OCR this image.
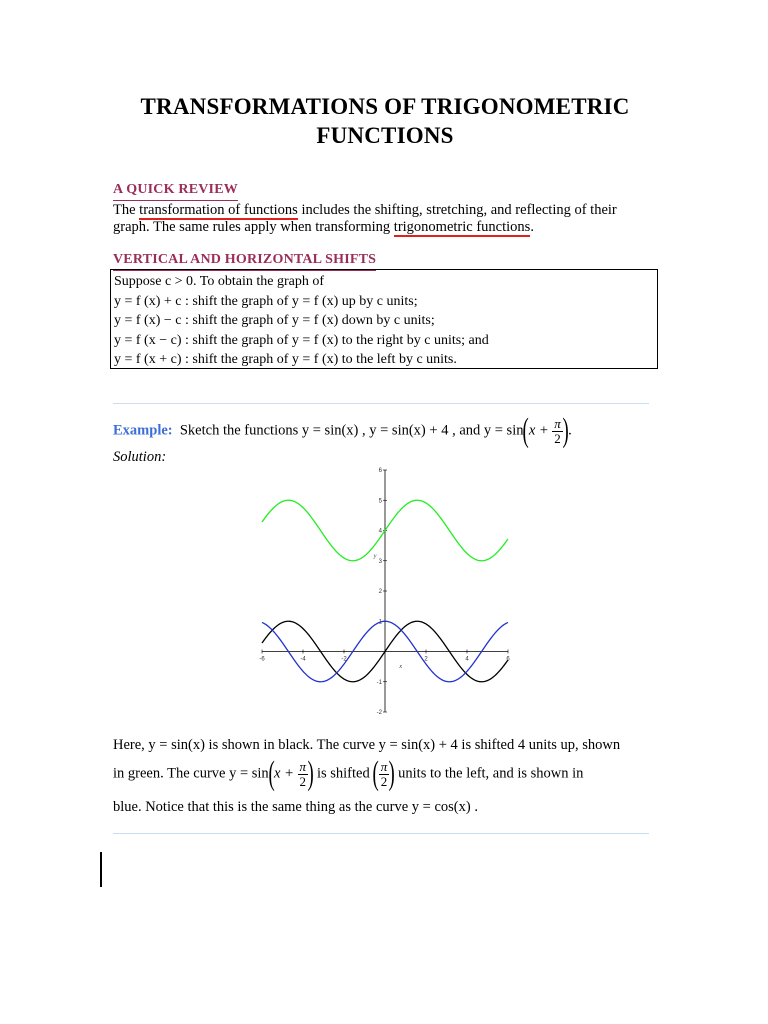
TRANSFORMATIONS OF TRIGONOMETRIC
FUNCTIONS
A QUICK REVIEW
The transformation of functions includes the shifting, stretching, and reflecting of their graph. The same rules apply when transforming trigonometric functions.
VERTICAL AND HORIZONTAL SHIFTS
Suppose c > 0. To obtain the graph of
y = f (x) + c : shift the graph of y = f (x) up by c units;
y = f (x) − c : shift the graph of y = f (x) down by c units;
y = f (x − c) : shift the graph of y = f (x) to the right by c units; and
y = f (x + c) : shift the graph of y = f (x) to the left by c units.
Example: Sketch the functions y = sin(x) , y = sin(x) + 4 , and $y = \sin(x + \frac{\pi}{2}$ ).
Solution:
-6	-4	-2	2	4	6
-2
-1
1
2
3
4
5
6
x
y
Here, y = sin(x) is shown in black. The curve y = sin(x) + 4 is shifted 4 units up, shown
in green. The curve $y = \sin(x + \frac{\pi}{2}$ ) is shifted ( $\frac{\pi}{2}$ ) units to the left, and is shown in
blue. Notice that this is the same thing as the curve y = cos(x) .
